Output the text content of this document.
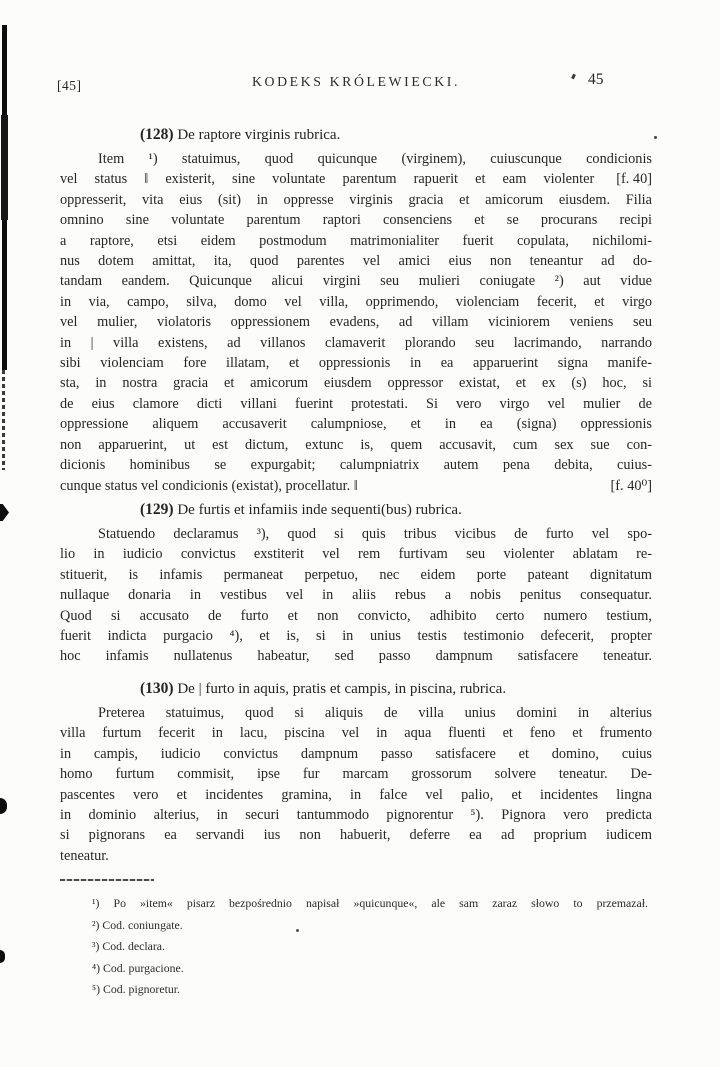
[45]	KODEKS KRÓLEWIECKI.	45
(128) De raptore virginis rubrica.
Item ¹) statuimus, quod quicunque (virginem), cuiuscunque condicionis
vel status ‖ existerit, sine voluntate parentum rapuerit et eam violenter [f. 40]
oppresserit, vita eius (sit) in oppresse virginis gracia et amicorum eiusdem. Filia
omnino sine voluntate parentum raptori consenciens et se procurans recipi
a raptore, etsi eidem postmodum matrimonialiter fuerit copulata, nichilomi-
nus dotem amittat, ita, quod parentes vel amici eius non teneantur ad do-
tandam eandem. Quicunque alicui virgini seu mulieri coniugate ²) aut vidue
in via, campo, silva, domo vel villa, opprimendo, violenciam fecerit, et virgo
vel mulier, violatoris oppressionem evadens, ad villam viciniorem veniens seu
in | villa existens, ad villanos clamaverit plorando seu lacrimando, narrando
sibi violenciam fore illatam, et oppressionis in ea apparuerint signa manife-
sta, in nostra gracia et amicorum eiusdem oppressor existat, et ex (s) hoc, si
de eius clamore dicti villani fuerint protestati. Si vero virgo vel mulier de
oppressione aliquem accusaverit calumpniose, et in ea (signa) oppressionis
non apparuerint, ut est dictum, extunc is, quem accusavit, cum sex sue con-
dicionis hominibus se expurgabit; calumpniatrix autem pena debita, cuius-
cunque status vel condicionis (existat), procellatur. ‖	[f. 40⁰]
(129) De furtis et infamiis inde sequenti(bus) rubrica.
Statuendo declaramus ³), quod si quis tribus vicibus de furto vel spo-
lio in iudicio convictus exstiterit vel rem furtivam seu violenter ablatam re-
stituerit, is infamis permaneat perpetuo, nec eidem porte pateant dignitatum
nullaque donaria in vestibus vel in aliis rebus a nobis penitus consequatur.
Quod si accusato de furto et non convicto, adhibito certo numero testium,
fuerit indicta purgacio ⁴), et is, si in unius testis testimonio defecerit, propter
hoc infamis nullatenus habeatur, sed passo dampnum satisfacere teneatur.
(130) De | furto in aquis, pratis et campis, in piscina, rubrica.
Preterea statuimus, quod si aliquis de villa unius domini in alterius
villa furtum fecerit in lacu, piscina vel in aqua fluenti et feno et frumento
in campis, iudicio convictus dampnum passo satisfacere et domino, cuius
homo furtum commisit, ipse fur marcam grossorum solvere teneatur. De-
pascentes vero et incidentes gramina, in falce vel palio, et incidentes lingna
in dominio alterius, in securi tantummodo pignorentur ⁵). Pignora vero predicta
si pignorans ea servandi ius non habuerit, deferre ea ad proprium iudicem
teneatur.
¹) Po »item« pisarz bezpośrednio napisał »quicunque«, ale sam zaraz słowo to przemazał.
²) Cod. coniungate.
³) Cod. declara.
⁴) Cod. purgacione.
⁵) Cod. pignoretur.
